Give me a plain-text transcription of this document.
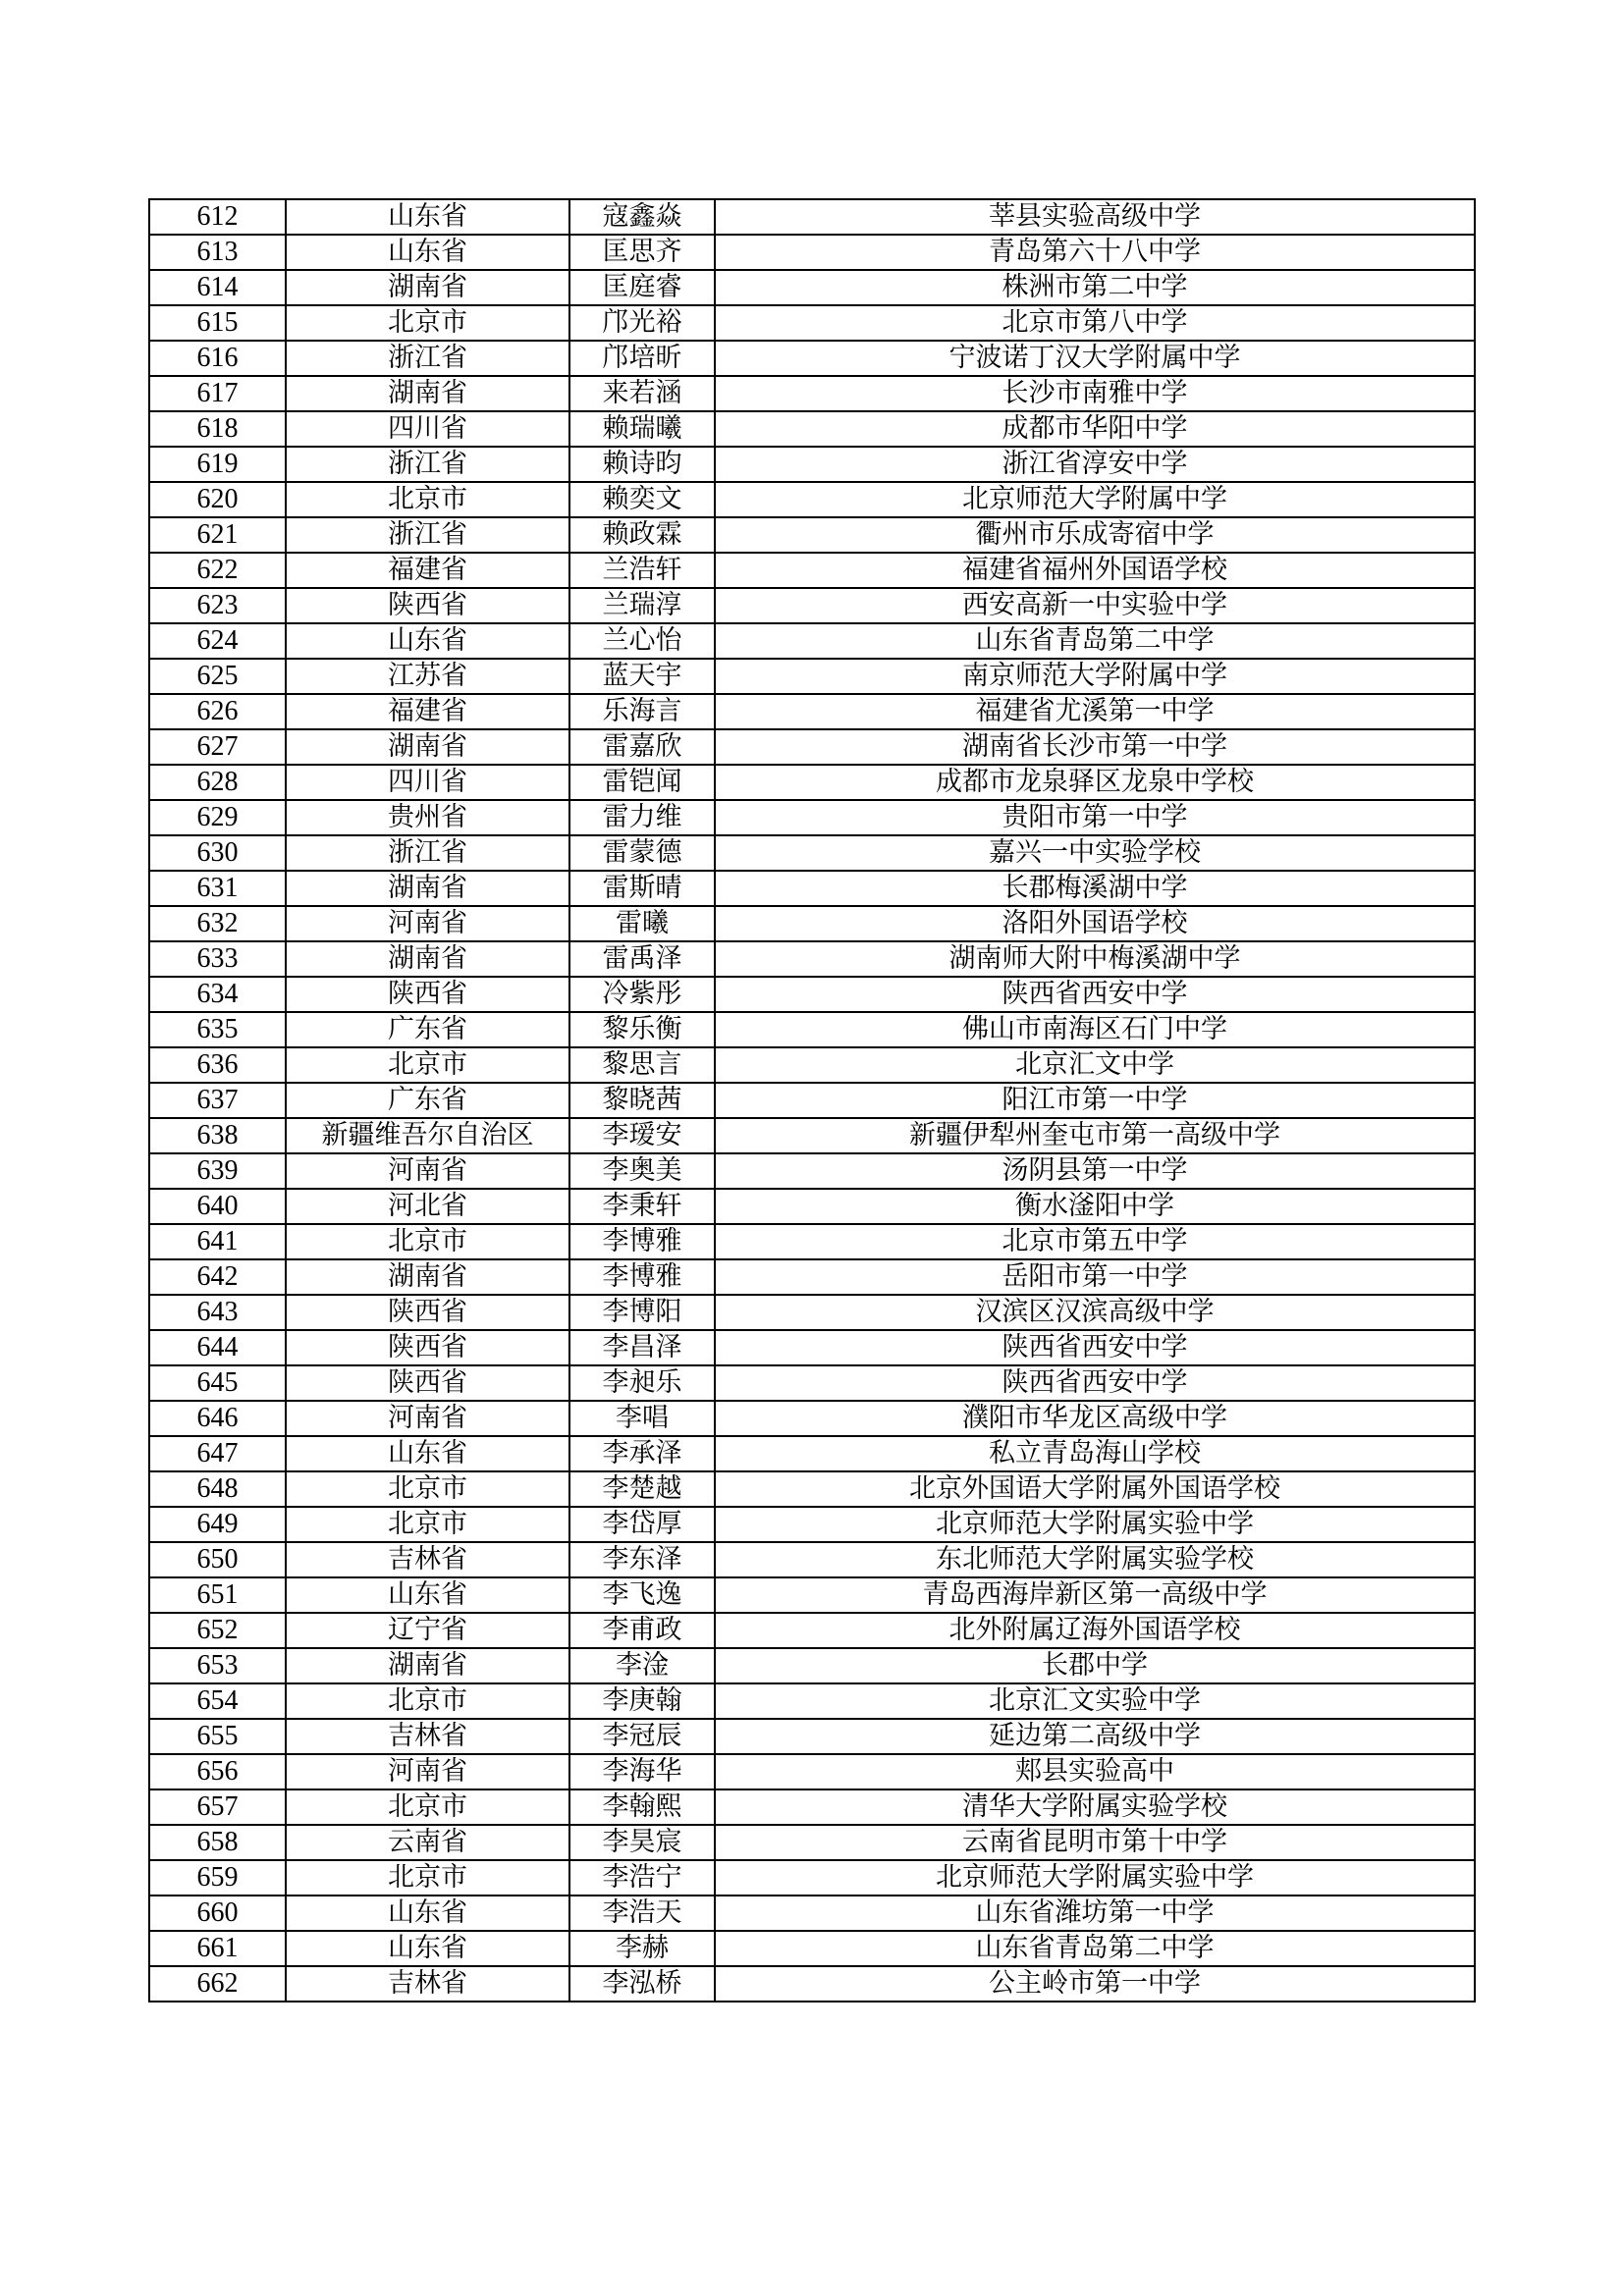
612	山东省	寇鑫焱	莘县实验高级中学
613	山东省	匡思齐	青岛第六十八中学
614	湖南省	匡庭睿	株洲市第二中学
615	北京市	邝光裕	北京市第八中学
616	浙江省	邝培昕	宁波诺丁汉大学附属中学
617	湖南省	来若涵	长沙市南雅中学
618	四川省	赖瑞曦	成都市华阳中学
619	浙江省	赖诗昀	浙江省淳安中学
620	北京市	赖奕文	北京师范大学附属中学
621	浙江省	赖政霖	衢州市乐成寄宿中学
622	福建省	兰浩轩	福建省福州外国语学校
623	陕西省	兰瑞淳	西安高新一中实验中学
624	山东省	兰心怡	山东省青岛第二中学
625	江苏省	蓝天宇	南京师范大学附属中学
626	福建省	乐海言	福建省尤溪第一中学
627	湖南省	雷嘉欣	湖南省长沙市第一中学
628	四川省	雷铠闻	成都市龙泉驿区龙泉中学校
629	贵州省	雷力维	贵阳市第一中学
630	浙江省	雷蒙德	嘉兴一中实验学校
631	湖南省	雷斯晴	长郡梅溪湖中学
632	河南省	雷曦	洛阳外国语学校
633	湖南省	雷禹泽	湖南师大附中梅溪湖中学
634	陕西省	冷紫彤	陕西省西安中学
635	广东省	黎乐衡	佛山市南海区石门中学
636	北京市	黎思言	北京汇文中学
637	广东省	黎晓茜	阳江市第一中学
638	新疆维吾尔自治区	李瑷安	新疆伊犁州奎屯市第一高级中学
639	河南省	李奥美	汤阴县第一中学
640	河北省	李秉轩	衡水滏阳中学
641	北京市	李博雅	北京市第五中学
642	湖南省	李博雅	岳阳市第一中学
643	陕西省	李博阳	汉滨区汉滨高级中学
644	陕西省	李昌泽	陕西省西安中学
645	陕西省	李昶乐	陕西省西安中学
646	河南省	李唱	濮阳市华龙区高级中学
647	山东省	李承泽	私立青岛海山学校
648	北京市	李楚越	北京外国语大学附属外国语学校
649	北京市	李岱厚	北京师范大学附属实验中学
650	吉林省	李东泽	东北师范大学附属实验学校
651	山东省	李飞逸	青岛西海岸新区第一高级中学
652	辽宁省	李甫政	北外附属辽海外国语学校
653	湖南省	李淦	长郡中学
654	北京市	李庚翰	北京汇文实验中学
655	吉林省	李冠辰	延边第二高级中学
656	河南省	李海华	郏县实验高中
657	北京市	李翰熙	清华大学附属实验学校
658	云南省	李昊宸	云南省昆明市第十中学
659	北京市	李浩宁	北京师范大学附属实验中学
660	山东省	李浩天	山东省潍坊第一中学
661	山东省	李赫	山东省青岛第二中学
662	吉林省	李泓桥	公主岭市第一中学
